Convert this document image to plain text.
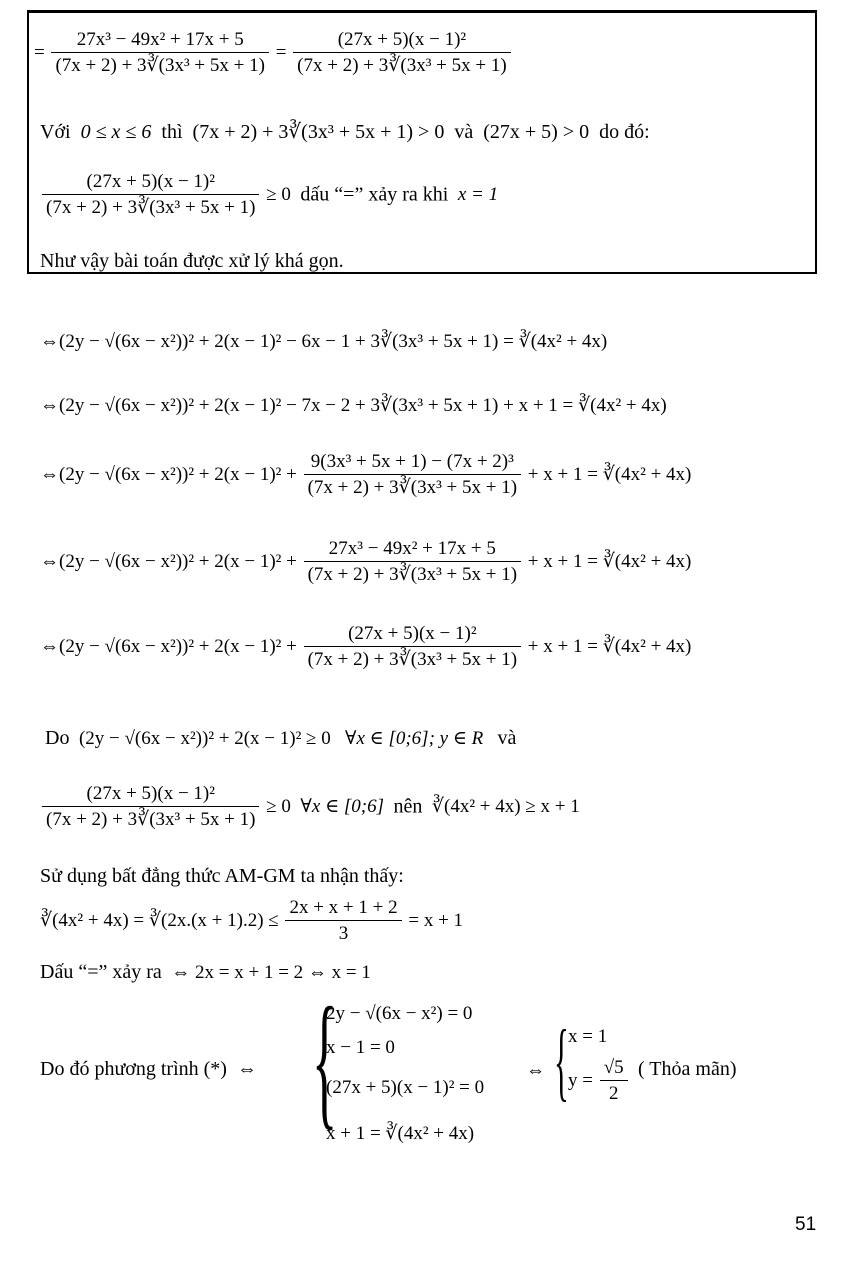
= $\frac{\text{27x³ − 49x² + 17x + 5}}{\text{(7x + 2) + 3∛(3x³ + 5x + 1)}} = \frac{\text{(27x + 5)(x − 1)²}}{\text{(7x + 2) + 3∛(3x³ + 5x + 1)}}$
Với 0 ≤ x ≤ 6 thì (7x + 2) + 3∛(3x³ + 5x + 1) > 0 và (27x + 5) > 0 do đó:
$\frac{\text{(27x + 5)(x − 1)²}}{\text{(7x + 2) + 3∛(3x³ + 5x + 1)}} \ge 0$ dấu “=” xảy ra khi x = 1
Như vậy bài toán được xử lý khá gọn.
⇔(2y − √(6x − x²))² + 2(x − 1)² − 6x − 1 + 3∛(3x³ + 5x + 1) = ∛(4x² + 4x)
⇔(2y − √(6x − x²))² + 2(x − 1)² − 7x − 2 + 3∛(3x³ + 5x + 1) + x + 1 = ∛(4x² + 4x)
⇔(2y − $√(6x - x^2))^2 + 2(x - 1)^2 + \frac{\text{9(3x³ + 5x + 1) − (7x + 2)³}}{\text{(7x + 2) + 3∛(3x³ + 5x + 1)}} + x + 1$ = ∛(4x² + 4x)
⇔(2y − $√(6x - x^2))^2 + 2(x - 1)^2 + \frac{\text{27x³ − 49x² + 17x + 5}}{\text{(7x + 2) + 3∛(3x³ + 5x + 1)}} + x + 1$ = ∛(4x² + 4x)
⇔(2y − $√(6x - x^2))^2 + 2(x - 1)^2 + \frac{\text{(27x + 5)(x − 1)²}}{\text{(7x + 2) + 3∛(3x³ + 5x + 1)}} + x + 1$ = ∛(4x² + 4x)
Do (2y − √(6x − x²))² + 2(x − 1)² ≥ 0 ∀x ∈ [0;6]; y ∈ R và
$\frac{\text{(27x + 5)(x − 1)²}}{\text{(7x + 2) + 3∛(3x³ + 5x + 1)}} \ge 0$ ∀x ∈ [0;6] nên ∛(4x² + 4x) ≥ x + 1
Sử dụng bất đẳng thức AM-GM ta nhận thấy:
∛(4x² + 4x) = ∛(2x.(x + $1).2) \le \frac{2x + x + 1 + 2}{3} = x + 1$
Dấu “=” xảy ra ⇔ 2x = x + 1 = 2 ⇔ x = 1
Do đó phương trình (*) ⇔ {
2y − √(6x − x²) = 0
x − 1 = 0
(27x + 5)(x − 1)² = 0
x + 1 = ∛(4x² + 4x)
⇔ { x = 1
$y = \frac{√5}{2}$ ( Thỏa mãn)
51
